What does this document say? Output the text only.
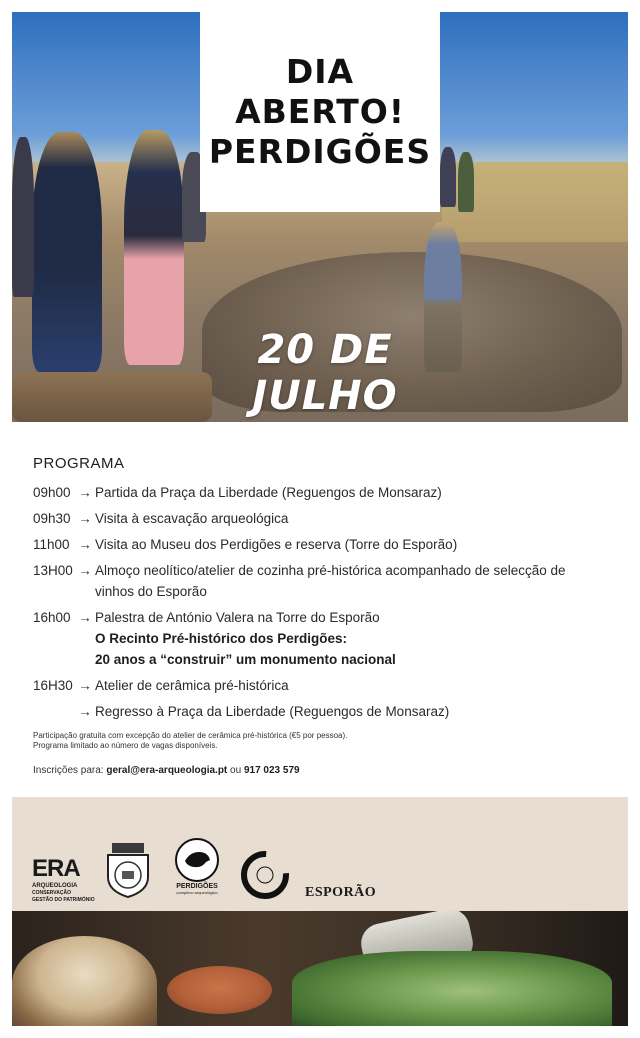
DIA ABERTO!
PERDIGÕES
20 DE JULHO
PROGRAMA
09h00 → Partida da Praça da Liberdade (Reguengos de Monsaraz)
09h30 → Visita à escavação arqueológica
11h00 → Visita ao Museu dos Perdigões e reserva (Torre do Esporão)
13H00 → Almoço neolítico/atelier de cozinha pré-histórica acompanhado de selecção de vinhos do Esporão
16h00 → Palestra de António Valera na Torre do Esporão
O Recinto Pré-histórico dos Perdigões:
20 anos a “construir” um monumento nacional
16H30 → Atelier de cerâmica pré-histórica
→ Regresso à Praça da Liberdade (Reguengos de Monsaraz)
Participação gratuita com excepção do atelier de cerâmica pré-histórica (€5 por pessoa).
Programa limitado ao número de vagas disponíveis.
Inscrições para: geral@era-arqueologia.pt ou 917 023 579
ERA
ARQUEOLOGIA
CONSERVAÇÃO
GESTÃO DO PATRIMÓNIO
PERDIGÕES
complexo arqueológico	ESPORÃO
